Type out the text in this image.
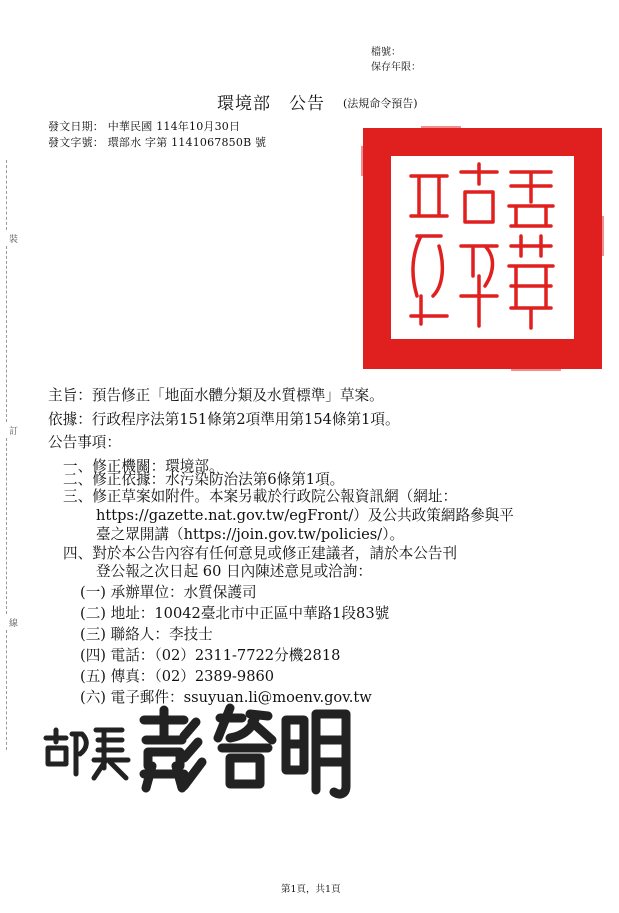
檔號：
保存年限：
環境部　公告 (法規命令預告)
發文日期： 中華民國 114年10月30日
發文字號： 環部水 字第 1141067850B 號
裝
訂
線
主旨：預告修正「地面水體分類及水質標準」草案。
依據：行政程序法第151條第2項準用第154條第1項。
公告事項：
一、修正機關：環境部。
二、修正依據：水污染防治法第6條第1項。
三、修正草案如附件。本案另載於行政院公報資訊網（網址：
https://gazette.nat.gov.tw/egFront/）及公共政策網路參與平
臺之眾開講（https://join.gov.tw/policies/）。
四、對於本公告內容有任何意見或修正建議者，請於本公告刊
登公報之次日起 60 日內陳述意見或洽詢：
(一) 承辦單位：水質保護司
(二) 地址：10042臺北市中正區中華路1段83號
(三) 聯絡人：李技士
(四) 電話：（02）2311-7722分機2818
(五) 傳真：（02）2389-9860
(六) 電子郵件：ssuyuan.li@moenv.gov.tw
第1頁，共1頁
